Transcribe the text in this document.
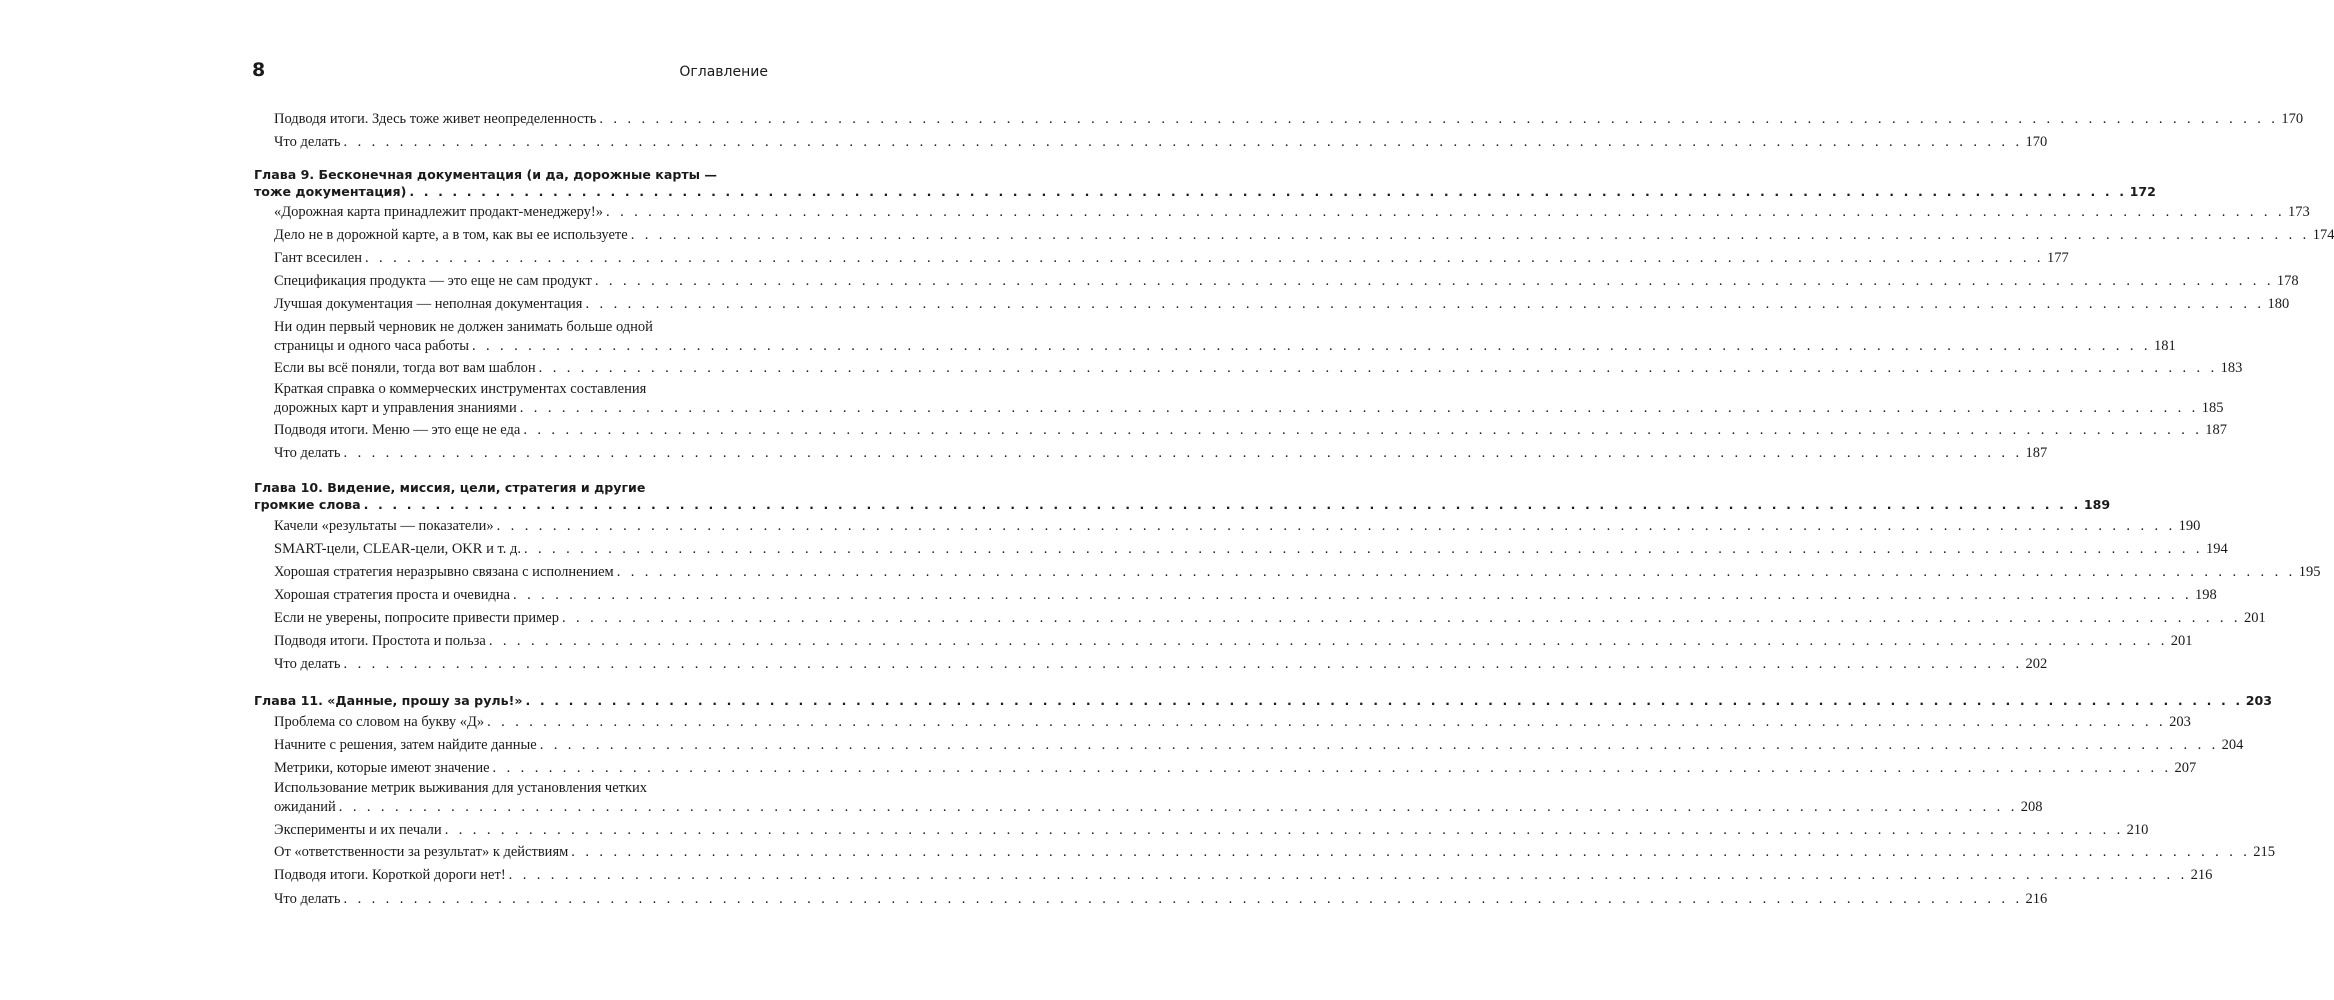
8	Оглавление
Подводя итоги. Здесь тоже живет неопределенность . . . . . . . . . . . . . . . . . . . . . . . . . . . . . . . . . . . . . . . . . . . . . . . . . . . . . . . . . . . . . . . . . . . . . . . . . . . . . . . . . . . . . . . . . . . . . . . . . . . . . . . . . . . . . . . . . . . . . . . . 170
Что делать . . . . . . . . . . . . . . . . . . . . . . . . . . . . . . . . . . . . . . . . . . . . . . . . . . . . . . . . . . . . . . . . . . . . . . . . . . . . . . . . . . . . . . . . . . . . . . . . . . . . . . . . . . . . . . . . . . . . . . . . 170
Глава 9. Бесконечная документация (и да, дорожные карты —
тоже документация) . . . . . . . . . . . . . . . . . . . . . . . . . . . . . . . . . . . . . . . . . . . . . . . . . . . . . . . . . . . . . . . . . . . . . . . . . . . . . . . . . . . . . . . . . . . . . . . . . . . . . . . . . . . . . . . . . . . . . . . . 172
«Дорожная карта принадлежит продакт-менеджеру!» . . . . . . . . . . . . . . . . . . . . . . . . . . . . . . . . . . . . . . . . . . . . . . . . . . . . . . . . . . . . . . . . . . . . . . . . . . . . . . . . . . . . . . . . . . . . . . . . . . . . . . . . . . . . . . . . . . . . . . . . 173
Дело не в дорожной карте, а в том, как вы ее используете . . . . . . . . . . . . . . . . . . . . . . . . . . . . . . . . . . . . . . . . . . . . . . . . . . . . . . . . . . . . . . . . . . . . . . . . . . . . . . . . . . . . . . . . . . . . . . . . . . . . . . . . . . . . . . . . . . . . . . . . 174
Гант всесилен . . . . . . . . . . . . . . . . . . . . . . . . . . . . . . . . . . . . . . . . . . . . . . . . . . . . . . . . . . . . . . . . . . . . . . . . . . . . . . . . . . . . . . . . . . . . . . . . . . . . . . . . . . . . . . . . . . . . . . . . 177
Спецификация продукта — это еще не сам продукт . . . . . . . . . . . . . . . . . . . . . . . . . . . . . . . . . . . . . . . . . . . . . . . . . . . . . . . . . . . . . . . . . . . . . . . . . . . . . . . . . . . . . . . . . . . . . . . . . . . . . . . . . . . . . . . . . . . . . . . . 178
Лучшая документация — неполная документация . . . . . . . . . . . . . . . . . . . . . . . . . . . . . . . . . . . . . . . . . . . . . . . . . . . . . . . . . . . . . . . . . . . . . . . . . . . . . . . . . . . . . . . . . . . . . . . . . . . . . . . . . . . . . . . . . . . . . . . . 180
Ни один первый черновик не должен занимать больше одной
страницы и одного часа работы . . . . . . . . . . . . . . . . . . . . . . . . . . . . . . . . . . . . . . . . . . . . . . . . . . . . . . . . . . . . . . . . . . . . . . . . . . . . . . . . . . . . . . . . . . . . . . . . . . . . . . . . . . . . . . . . . . . . . . . . 181
Если вы всё поняли, тогда вот вам шаблон . . . . . . . . . . . . . . . . . . . . . . . . . . . . . . . . . . . . . . . . . . . . . . . . . . . . . . . . . . . . . . . . . . . . . . . . . . . . . . . . . . . . . . . . . . . . . . . . . . . . . . . . . . . . . . . . . . . . . . . . 183
Краткая справка о коммерческих инструментах составления
дорожных карт и управления знаниями . . . . . . . . . . . . . . . . . . . . . . . . . . . . . . . . . . . . . . . . . . . . . . . . . . . . . . . . . . . . . . . . . . . . . . . . . . . . . . . . . . . . . . . . . . . . . . . . . . . . . . . . . . . . . . . . . . . . . . . . 185
Подводя итоги. Меню — это еще не еда . . . . . . . . . . . . . . . . . . . . . . . . . . . . . . . . . . . . . . . . . . . . . . . . . . . . . . . . . . . . . . . . . . . . . . . . . . . . . . . . . . . . . . . . . . . . . . . . . . . . . . . . . . . . . . . . . . . . . . . . 187
Что делать . . . . . . . . . . . . . . . . . . . . . . . . . . . . . . . . . . . . . . . . . . . . . . . . . . . . . . . . . . . . . . . . . . . . . . . . . . . . . . . . . . . . . . . . . . . . . . . . . . . . . . . . . . . . . . . . . . . . . . . . 187
Глава 10. Видение, миссия, цели, стратегия и другие
громкие слова . . . . . . . . . . . . . . . . . . . . . . . . . . . . . . . . . . . . . . . . . . . . . . . . . . . . . . . . . . . . . . . . . . . . . . . . . . . . . . . . . . . . . . . . . . . . . . . . . . . . . . . . . . . . . . . . . . . . . . . . 189
Качели «результаты — показатели» . . . . . . . . . . . . . . . . . . . . . . . . . . . . . . . . . . . . . . . . . . . . . . . . . . . . . . . . . . . . . . . . . . . . . . . . . . . . . . . . . . . . . . . . . . . . . . . . . . . . . . . . . . . . . . . . . . . . . . . . 190
SMART-цели, CLEAR-цели, OKR и т. д. . . . . . . . . . . . . . . . . . . . . . . . . . . . . . . . . . . . . . . . . . . . . . . . . . . . . . . . . . . . . . . . . . . . . . . . . . . . . . . . . . . . . . . . . . . . . . . . . . . . . . . . . . . . . . . . . . . . . . . . . 194
Хорошая стратегия неразрывно связана с исполнением . . . . . . . . . . . . . . . . . . . . . . . . . . . . . . . . . . . . . . . . . . . . . . . . . . . . . . . . . . . . . . . . . . . . . . . . . . . . . . . . . . . . . . . . . . . . . . . . . . . . . . . . . . . . . . . . . . . . . . . . 195
Хорошая стратегия проста и очевидна . . . . . . . . . . . . . . . . . . . . . . . . . . . . . . . . . . . . . . . . . . . . . . . . . . . . . . . . . . . . . . . . . . . . . . . . . . . . . . . . . . . . . . . . . . . . . . . . . . . . . . . . . . . . . . . . . . . . . . . . 198
Если не уверены, попросите привести пример . . . . . . . . . . . . . . . . . . . . . . . . . . . . . . . . . . . . . . . . . . . . . . . . . . . . . . . . . . . . . . . . . . . . . . . . . . . . . . . . . . . . . . . . . . . . . . . . . . . . . . . . . . . . . . . . . . . . . . . . 201
Подводя итоги. Простота и польза . . . . . . . . . . . . . . . . . . . . . . . . . . . . . . . . . . . . . . . . . . . . . . . . . . . . . . . . . . . . . . . . . . . . . . . . . . . . . . . . . . . . . . . . . . . . . . . . . . . . . . . . . . . . . . . . . . . . . . . . 201
Что делать . . . . . . . . . . . . . . . . . . . . . . . . . . . . . . . . . . . . . . . . . . . . . . . . . . . . . . . . . . . . . . . . . . . . . . . . . . . . . . . . . . . . . . . . . . . . . . . . . . . . . . . . . . . . . . . . . . . . . . . . 202
Глава 11. «Данные, прошу за руль!» . . . . . . . . . . . . . . . . . . . . . . . . . . . . . . . . . . . . . . . . . . . . . . . . . . . . . . . . . . . . . . . . . . . . . . . . . . . . . . . . . . . . . . . . . . . . . . . . . . . . . . . . . . . . . . . . . . . . . . . . 203
Проблема со словом на букву «Д» . . . . . . . . . . . . . . . . . . . . . . . . . . . . . . . . . . . . . . . . . . . . . . . . . . . . . . . . . . . . . . . . . . . . . . . . . . . . . . . . . . . . . . . . . . . . . . . . . . . . . . . . . . . . . . . . . . . . . . . . 203
Начните с решения, затем найдите данные . . . . . . . . . . . . . . . . . . . . . . . . . . . . . . . . . . . . . . . . . . . . . . . . . . . . . . . . . . . . . . . . . . . . . . . . . . . . . . . . . . . . . . . . . . . . . . . . . . . . . . . . . . . . . . . . . . . . . . . . 204
Метрики, которые имеют значение . . . . . . . . . . . . . . . . . . . . . . . . . . . . . . . . . . . . . . . . . . . . . . . . . . . . . . . . . . . . . . . . . . . . . . . . . . . . . . . . . . . . . . . . . . . . . . . . . . . . . . . . . . . . . . . . . . . . . . . . 207
Использование метрик выживания для установления четких
ожиданий . . . . . . . . . . . . . . . . . . . . . . . . . . . . . . . . . . . . . . . . . . . . . . . . . . . . . . . . . . . . . . . . . . . . . . . . . . . . . . . . . . . . . . . . . . . . . . . . . . . . . . . . . . . . . . . . . . . . . . . . 208
Эксперименты и их печали . . . . . . . . . . . . . . . . . . . . . . . . . . . . . . . . . . . . . . . . . . . . . . . . . . . . . . . . . . . . . . . . . . . . . . . . . . . . . . . . . . . . . . . . . . . . . . . . . . . . . . . . . . . . . . . . . . . . . . . . 210
От «ответственности за результат» к действиям . . . . . . . . . . . . . . . . . . . . . . . . . . . . . . . . . . . . . . . . . . . . . . . . . . . . . . . . . . . . . . . . . . . . . . . . . . . . . . . . . . . . . . . . . . . . . . . . . . . . . . . . . . . . . . . . . . . . . . . . 215
Подводя итоги. Короткой дороги нет! . . . . . . . . . . . . . . . . . . . . . . . . . . . . . . . . . . . . . . . . . . . . . . . . . . . . . . . . . . . . . . . . . . . . . . . . . . . . . . . . . . . . . . . . . . . . . . . . . . . . . . . . . . . . . . . . . . . . . . . . 216
Что делать . . . . . . . . . . . . . . . . . . . . . . . . . . . . . . . . . . . . . . . . . . . . . . . . . . . . . . . . . . . . . . . . . . . . . . . . . . . . . . . . . . . . . . . . . . . . . . . . . . . . . . . . . . . . . . . . . . . . . . . . 216
